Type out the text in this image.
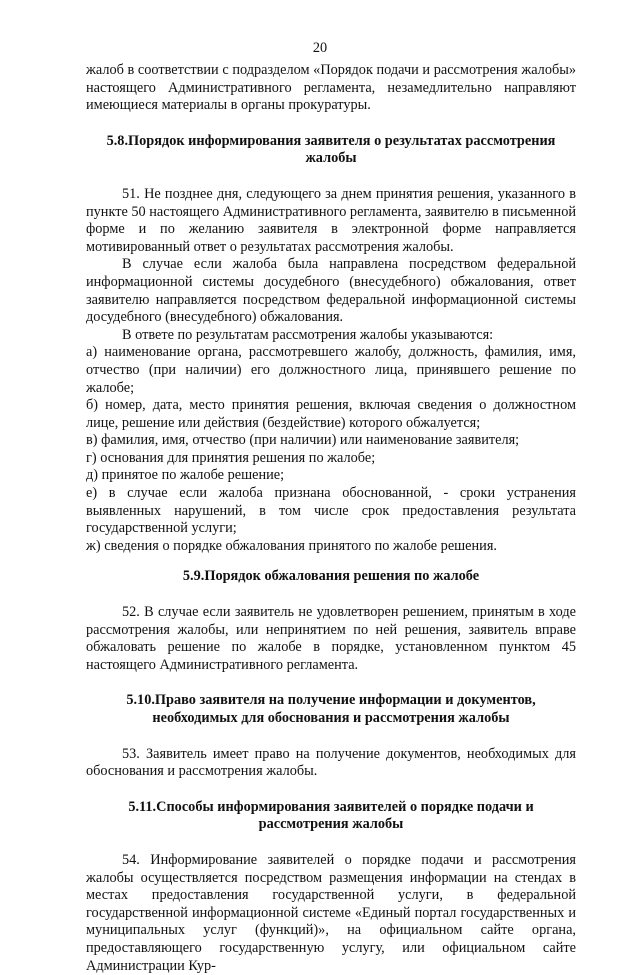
20

жалоб в соответствии с подразделом «Порядок подачи и рассмотрения жалобы» настоящего Административного регламента, незамедлительно направляют имеющиеся материалы в органы прокуратуры.

5.8.Порядок информирования заявителя о результатах рассмотрения жалобы

51. Не позднее дня, следующего за днем принятия решения, указанного в пункте 50 настоящего Административного регламента, заявителю в письменной форме и по желанию заявителя в электронной форме направляется мотивированный ответ о результатах рассмотрения жалобы.

В случае если жалоба была направлена посредством федеральной информационной системы досудебного (внесудебного) обжалования, ответ заявителю направляется посредством федеральной информационной системы досудебного (внесудебного) обжалования.

В ответе по результатам рассмотрения жалобы указываются:

а) наименование органа, рассмотревшего жалобу, должность, фамилия, имя, отчество (при наличии) его должностного лица, принявшего решение по жалобе;

б) номер, дата, место принятия решения, включая сведения о должностном лице, решение или действия (бездействие) которого обжалуется;

в) фамилия, имя, отчество (при наличии) или наименование заявителя;

г) основания для принятия решения по жалобе;

д) принятое по жалобе решение;

е) в случае если жалоба признана обоснованной, - сроки устранения выявленных нарушений, в том числе срок предоставления результата государственной услуги;

ж) сведения о порядке обжалования принятого по жалобе решения.

5.9.Порядок обжалования решения по жалобе

52. В случае если заявитель не удовлетворен решением, принятым в ходе рассмотрения жалобы, или непринятием по ней решения, заявитель вправе обжаловать решение по жалобе в порядке, установленном пунктом 45 настоящего Административного регламента.

5.10.Право заявителя на получение информации и документов, необходимых для обоснования и рассмотрения жалобы

53. Заявитель имеет право на получение документов, необходимых для обоснования и рассмотрения жалобы.

5.11.Способы информирования заявителей о порядке подачи и рассмотрения жалобы

54. Информирование заявителей о порядке подачи и рассмотрения жалобы осуществляется посредством размещения информации на стендах в местах предоставления государственной услуги, в федеральной государственной информационной системе «Единый портал государственных и муниципальных услуг (функций)», на официальном сайте органа, предоставляющего государственную услугу, или официальном сайте Администрации Кур-
